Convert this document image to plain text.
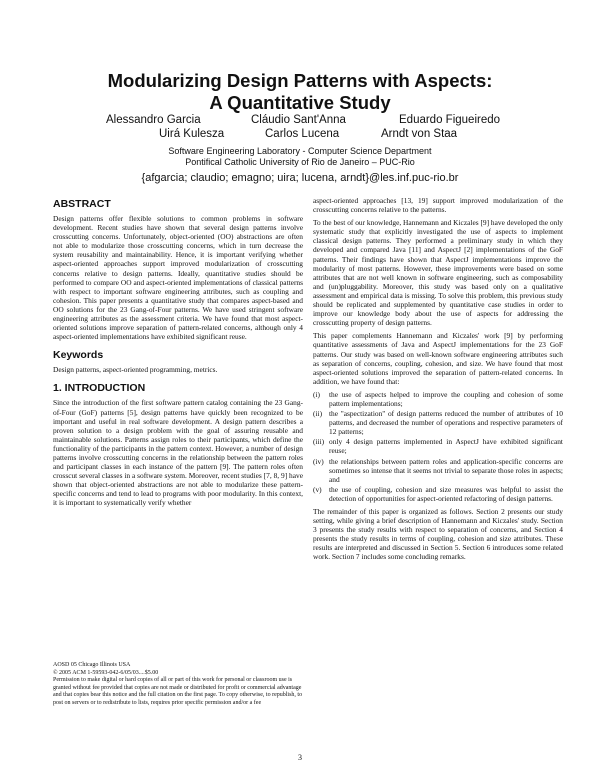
Modularizing Design Patterns with Aspects:
A Quantitative Study
Alessandro Garcia	Cláudio Sant'Anna	Eduardo Figueiredo
Uirá Kulesza	Carlos Lucena	Arndt von Staa
Software Engineering Laboratory - Computer Science Department
Pontifical Catholic University of Rio de Janeiro – PUC-Rio
{afgarcia; claudio; emagno; uira; lucena, arndt}@les.inf.puc-rio.br
ABSTRACT

Design patterns offer flexible solutions to common problems in software development. Recent studies have shown that several design patterns involve crosscutting concerns. Unfortunately, object-oriented (OO) abstractions are often not able to modularize those crosscutting concerns, which in turn decrease the system reusability and maintainability. Hence, it is important verifying whether aspect-oriented approaches support improved modularization of crosscutting concerns relative to design patterns. Ideally, quantitative studies should be performed to compare OO and aspect-oriented implementations of classical patterns with respect to important software engineering attributes, such as coupling and cohesion. This paper presents a quantitative study that compares aspect-based and OO solutions for the 23 Gang-of-Four patterns. We have used stringent software engineering attributes as the assessment criteria. We have found that most aspect-oriented solutions improve separation of pattern-related concerns, although only 4 aspect-oriented implementations have exhibited significant reuse.

Keywords

Design patterns, aspect-oriented programming, metrics.

1. INTRODUCTION

Since the introduction of the first software pattern catalog containing the 23 Gang-of-Four (GoF) patterns [5], design patterns have quickly been recognized to be important and useful in real software development. A design pattern describes a proven solution to a design problem with the goal of assuring reusable and maintainable solutions. Patterns assign roles to their participants, which define the functionality of the participants in the pattern context. However, a number of design patterns involve crosscutting concerns in the relationship between the pattern roles and participant classes in each instance of the pattern [9]. The pattern roles often crosscut several classes in a software system. Moreover, recent studies [7, 8, 9] have shown that object-oriented abstractions are not able to modularize these pattern-specific concerns and tend to lead to programs with poor modularity. In this context, it is important to systematically verify whether

AOSD 05 Chicago Illinois USA

© 2005 ACM 1-59593-042-6/05/03....$5.00

Permission to make digital or hard copies of all or part of this work for personal or classroom use is granted without fee provided that copies are not made or distributed for profit or commercial advantage and that copies bear this notice and the full citation on the first page. To copy otherwise, to republish, to post on servers or to redistribute to lists, requires prior specific permission and/or a fee

aspect-oriented approaches [13, 19] support improved modularization of the crosscutting concerns relative to the patterns.

To the best of our knowledge, Hannemann and Kiczales [9] have developed the only systematic study that explicitly investigated the use of aspects to implement classical design patterns. They performed a preliminary study in which they developed and compared Java [11] and AspectJ [2] implementations of the GoF patterns. Their findings have shown that AspectJ implementations improve the modularity of most patterns. However, these improvements were based on some attributes that are not well known in software engineering, such as composability and (un)pluggability. Moreover, this study was based only on a qualitative assessment and empirical data is missing. To solve this problem, this previous study should be replicated and supplemented by quantitative case studies in order to improve our knowledge body about the use of aspects for addressing the crosscutting property of design patterns.

This paper complements Hannemann and Kiczales' work [9] by performing quantitative assessments of Java and AspectJ implementations for the 23 GoF patterns. Our study was based on well-known software engineering attributes such as separation of concerns, coupling, cohesion, and size. We have found that most aspect-oriented solutions improved the separation of pattern-related concerns. In addition, we have found that:

(i) the use of aspects helped to improve the coupling and cohesion of some pattern implementations;
(ii) the "aspectization" of design patterns reduced the number of attributes of 10 patterns, and decreased the number of operations and respective parameters of 12 patterns;
(iii) only 4 design patterns implemented in AspectJ have exhibited significant reuse;
(iv) the relationships between pattern roles and application-specific concerns are sometimes so intense that it seems not trivial to separate those roles in aspects; and
(v) the use of coupling, cohesion and size measures was helpful to assist the detection of opportunities for aspect-oriented refactoring of design patterns.

The remainder of this paper is organized as follows. Section 2 presents our study setting, while giving a brief description of Hannemann and Kiczales' study. Section 3 presents the study results with respect to separation of concerns, and Section 4 presents the study results in terms of coupling, cohesion and size attributes. These results are interpreted and discussed in Section 5. Section 6 introduces some related work. Section 7 includes some concluding remarks.

3
